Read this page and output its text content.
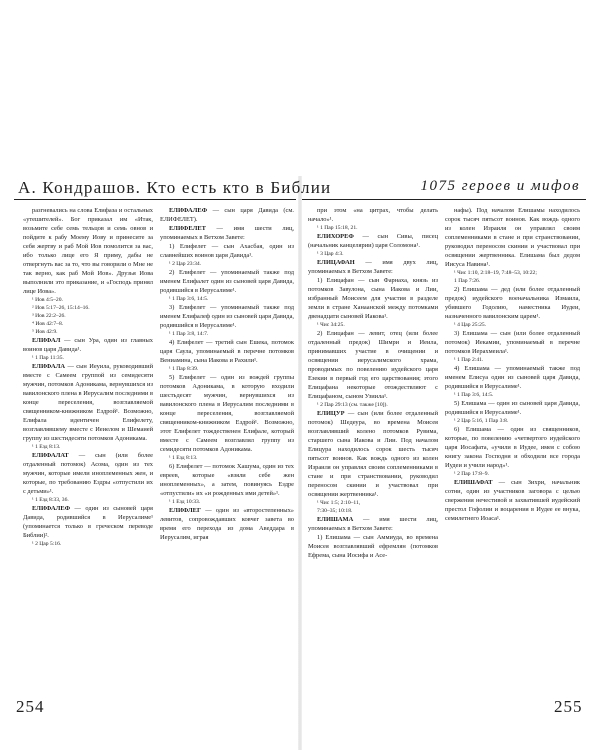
А. Кондрашов. Кто есть кто в Библии	1075 героев и мифов

разгневались на слова Елифаза и остальных «утешителей». Бог приказал им «Итак, возьмите себе семь тельцов и семь овнов и пойдите к рабу Моему Иову и принесите за себя жертву и раб Мой Иов помолится за вас, ибо только лице его Я приму, дабы не отвергнуть вас за то, что вы говорили о Мне не так верно, как раб Мой Иов». Друзья Иова выполнили это приказание, и «Господь принял лице Иова».

¹ Иов 4:5–20.

² Иов 5:17–26, 15:14–16.

³ Иов 22:2–26.

⁴ Иов 42:7–8.

⁵ Иов 42:9.

ЕЛИФАЛ — сын Ура, один из главных воинов царя Давида¹.

¹ 1 Пар 11:35.

ЕЛИФАЛА — сын Иеуила, руководивший вместе с Самеем группой из семидесяти мужчин, потомков Адоникама, вернувшихся из вавилонского плена в Иерусалим последними в конце переселения, возглавляемой священником-книжником Ездрой¹. Возможно, Елифала идентичен Елифелету, возглавлявшему вместе с Иеиелом и Шемаией группу из шестидесяти потомков Адоникама.

¹ 1 Езд 8:13.

ЕЛИФАЛАТ — сын (или более отдаленный потомок) Асома, один из тех мужчин, которые имели иноплеменных жен, и которые, по требованию Ездры «отпустили их с детьми»¹.

¹ 1 Езд 8:33, 36.

ЕЛИФАЛЕФ — один из сыновей царя Давида, родившийся в Иерусалиме¹ (упоминается только в греческом переводе Библии)².

¹ 2 Цар 5:16.

ЕЛИФАЛЕФ — сын царя Давида (см. ЕЛИФЕЛЕТ).

ЕЛИФЕЛЕТ — имя шести лиц, упоминаемых в Ветхом Завете:

1) Елифелет — сын Ахасбая, один из славнейших воинов царя Давида¹.

¹ 2 Цар 23:34.

2) Елифелет — упоминаемый также под именем Елифалет один из сыновей царя Давида, родившийся в Иерусалиме¹.

¹ 1 Пар 3:6, 14:5.

3) Елифелет — упоминаемый также под именем Елифалеф один из сыновей царя Давида, родившийся в Иерусалиме¹.

¹ 1 Пар 3:8, 14:7.

4) Елифелет — третий сын Ешека, потомок царя Саула, упоминаемый в перечне потомков Вениамина, сына Иакова и Рахили¹.

¹ 1 Пар 8:39.

5) Елифелет — один из вождей группы потомков Адоникама, в которую входили шестьдесят мужчин, вернувшихся из вавилонского плена в Иерусалим последними в конце переселения, возглавляемой священником-книжником Ездрой¹. Возможно, этот Елифелет тождественен Елифале, который вместе с Самеем возглавлял группу из семидесяти потомков Адоникама.

¹ 1 Езд 8:13.

6) Елифелет — потомок Хашума, один из тех евреев, которые «взяли себе жен иноплеменных», а затем, повинуясь Ездре «отпустили» их «и рожденных ими детей»¹.

¹ 1 Езд 10:33.

ЕЛИФЛЕГ — один из «второстепенных» левитов, сопровождавших ковчег завета во время его перехода из дома Аведдара в Иерусалим, играя

при этом «на цитрах, чтобы делать начало»¹.

¹ 1 Пар 15:18, 21.

ЕЛИХОРЕФ — сын Сивы, писец (начальник канцелярии) царя Соломона¹.

¹ 3 Цар 4:3.

ЕЛИЦАФАН — имя двух лиц, упоминаемых в Ветхом Завете:

1) Елицафан — сын Фарнаха, князь из потомков Завулона, сына Иакова и Лии, избранный Моисеем для участия в разделе земли в стране Ханаанской между потомками двенадцати сыновей Иакова¹.

¹ Чис 34:25.

2) Елицафан — левит, отец (или более отдаленный предок) Шимри и Иеила, принимавших участие в очищении и освящении иерусалимского храма, проводимых по повелению иудейского царя Езекии в первый год его царствования; этого Елицафана некоторые отождествляют с Елицафаном, сыном Узиила¹.

¹ 2 Пар 29:13 (см. также [10]).

ЕЛИЦУР — сын (или более отдаленный потомок) Шедеура, во времена Моисея возглавлявший колено потомков Рувима, старшего сына Иакова и Лии. Под началом Елицура находилось сорок шесть тысяч пятьсот воинов. Как вождь одного из колен Израиля он управлял своим соплеменниками в стане и при странствовании, руководил переносом скинии и участвовал при освящении жертвенника¹.

¹ Чис 1:5; 2:10–11,

7:30–35; 10:18.

ЕЛИШАМА — имя шести лиц, упоминаемых в Ветхом Завете:

1) Елишама — сын Аммиуда, во времена Моисея возглавлявший ефремлян (потомков Ефрема, сына Иосифа и Асе-

нафы). Под началом Елишамы находилось сорок тысяч пятьсот воинов. Как вождь одного из колен Израиля он управлял своим соплеменниками в стане и при странствовании, руководил переносом скинии и участвовал при освящении жертвенника. Елишама был дедом Иисуса Навина¹.

¹ Чис 1:10, 2:18–19, 7:48–53, 10:22;

1 Пар 7:26.

2) Елишама — дед (или более отдаленный предок) иудейского военачальника Измаила, убившего Годолию, наместника Иудеи, назначенного вавилонским царем¹.

¹ 4 Цар 25:25.

3) Елишама — сын (или более отдаленный потомок) Иекамии, упоминаемый в перечне потомков Иерахмеила¹.

¹ 1 Пар 2:41.

4) Елишама — упоминаемый также под именем Елисуа один из сыновей царя Давида, родившийся в Иерусалиме¹.

¹ 1 Пар 3:6, 14:5.

5) Елишама — один из сыновей царя Давида, родившийся в Иерусалиме¹.

¹ 2 Цар 5:16, 1 Пар 3:8.

6) Елишама — один из священников, которые, по повелению «четвертого иудейского царя Иосафата, «учили в Иудее, имея с собою книгу закона Господня и обходили все города Иудеи и учили народ»¹.

¹ 2 Пар 17:8–9.

ЕЛИШАФАТ — сын Зихри, начальник сотни, один из участников заговора с целью свержения нечестивой и захватившей иудейский престол Гофолии и воцарения в Иудее ее внука, семилетнего Иоаса¹.

254	255
